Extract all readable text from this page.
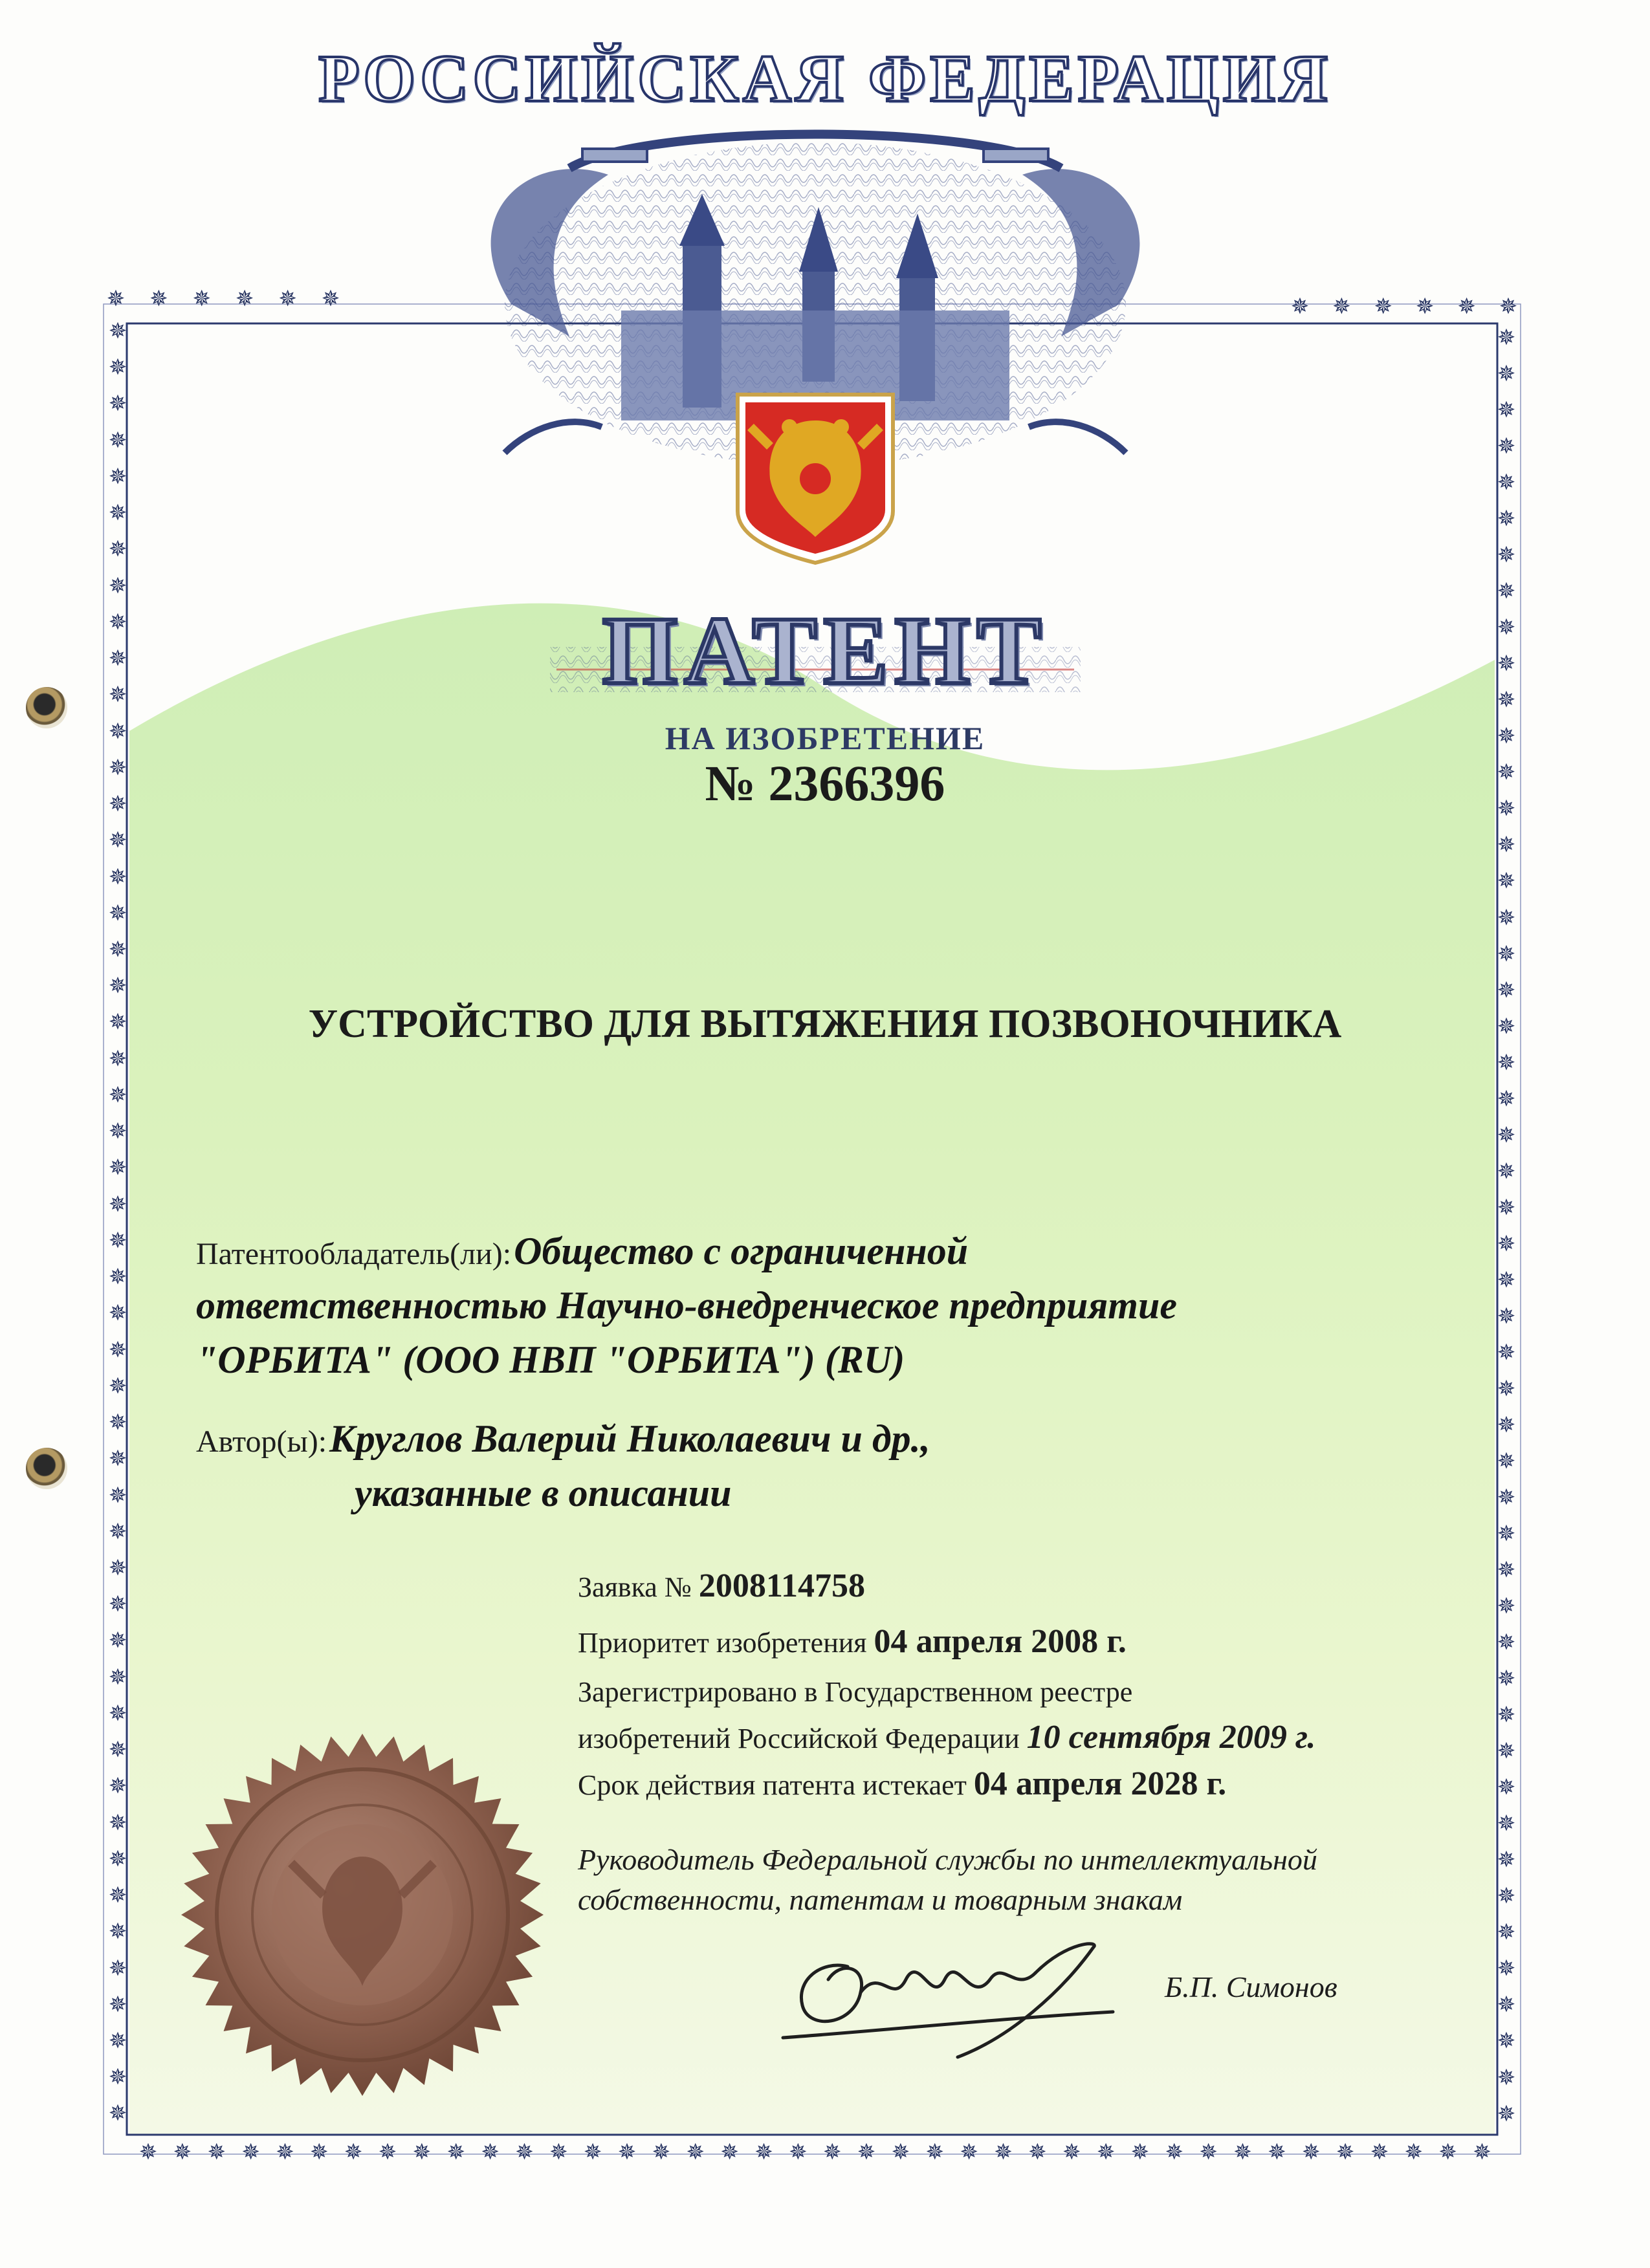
✵ ✵ ✵ ✵ ✵ ✵	✵ ✵ ✵ ✵ ✵ ✵
✵
✵
✵
✵
✵
✵
✵
✵
✵
✵
✵
✵
✵
✵
✵
✵
✵
✵
✵
✵
✵
✵
✵
✵
✵
✵
✵
✵
✵
✵
✵
✵
✵
✵
✵
✵
✵
✵
✵
✵
✵
✵
✵
✵
✵
✵
✵
✵
✵
✵
✵
✵
✵
✵
✵
✵
✵
✵
✵
✵
✵
✵
✵
✵
✵
✵
✵
✵
✵
✵
✵
✵
✵
✵
✵
✵
✵
✵
✵
✵
✵
✵
✵
✵
✵
✵
✵
✵
✵
✵
✵
✵
✵
✵
✵
✵
✵
✵
✵
✵
✵ ✵ ✵ ✵ ✵ ✵ ✵ ✵ ✵ ✵ ✵ ✵ ✵ ✵ ✵ ✵ ✵ ✵ ✵ ✵ ✵ ✵ ✵ ✵ ✵ ✵ ✵ ✵ ✵ ✵ ✵ ✵ ✵ ✵ ✵ ✵ ✵ ✵ ✵ ✵
РОССИЙСКАЯ ФЕДЕРАЦИЯ
ПАТЕНТ
НА ИЗОБРЕТЕНИЕ
№ 2366396
УСТРОЙСТВО ДЛЯ ВЫТЯЖЕНИЯ ПОЗВОНОЧНИКА
Патентообладатель(ли): Общество с ограниченной
ответственностью Научно-внедренческое предприятие
"ОРБИТА" (ООО НВП "ОРБИТА") (RU)
Автор(ы): Круглов Валерий Николаевич и др.,
указанные в описании
Заявка № 2008114758
Приоритет изобретения 04 апреля 2008 г.
Зарегистрировано в Государственном реестре
изобретений Российской Федерации 10 сентября 2009 г.
Срок действия патента истекает 04 апреля 2028 г.
Руководитель Федеральной службы по интеллектуальной
собственности, патентам и товарным знакам
Б.П. Симонов
